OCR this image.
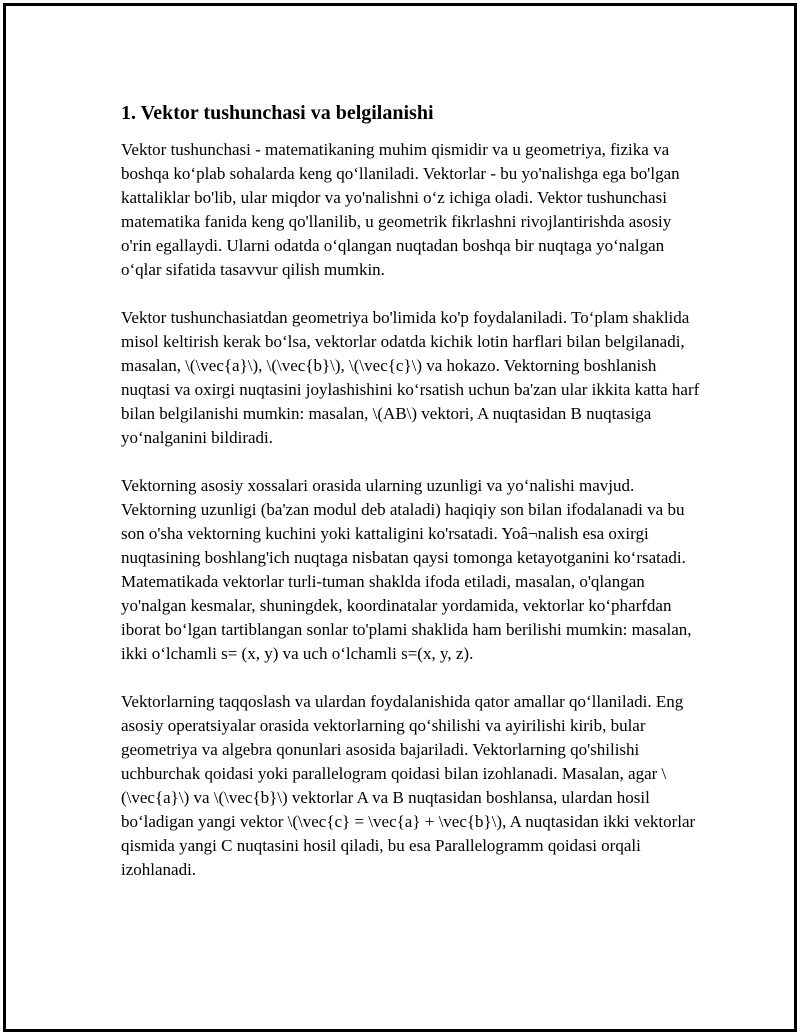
1. Vektor tushunchasi va belgilanishi

Vektor tushunchasi - matematikaning muhim qismidir va u geometriya, fizika va boshqa ko‘plab sohalarda keng qo‘llaniladi. Vektorlar - bu yo'nalishga ega bo'lgan kattaliklar bo'lib, ular miqdor va yo'nalishni o‘z ichiga oladi. Vektor tushunchasi matematika fanida keng qo'llanilib, u geometrik fikrlashni rivojlantirishda asosiy o'rin egallaydi. Ularni odatda o‘qlangan nuqtadan boshqa bir nuqtaga yo‘nalgan o‘qlar sifatida tasavvur qilish mumkin.

Vektor tushunchasiatdan geometriya bo'limida ko'p foydalaniladi. To‘plam shaklida misol keltirish kerak bo‘lsa, vektorlar odatda kichik lotin harflari bilan belgilanadi, masalan, \(\vec{a}\), \(\vec{b}\), \(\vec{c}\) va hokazo. Vektorning boshlanish nuqtasi va oxirgi nuqtasini joylashishini ko‘rsatish uchun ba'zan ular ikkita katta harf bilan belgilanishi mumkin: masalan, \(AB\) vektori, A nuqtasidan B nuqtasiga yo‘nalganini bildiradi.

Vektorning asosiy xossalari orasida ularning uzunligi va yo‘nalishi mavjud. Vektorning uzunligi (ba'zan modul deb ataladi) haqiqiy son bilan ifodalanadi va bu son o'sha vektorning kuchini yoki kattaligini ko'rsatadi. Yoâ¬nalish esa oxirgi nuqtasining boshlang'ich nuqtaga nisbatan qaysi tomonga ketayotganini ko‘rsatadi. Matematikada vektorlar turli-tuman shaklda ifoda etiladi, masalan, o'qlangan yo'nalgan kesmalar, shuningdek, koordinatalar yordamida, vektorlar ko‘pharfdan iborat bo‘lgan tartiblangan sonlar to'plami shaklida ham berilishi mumkin: masalan, ikki o‘lchamli s= (x, y) va uch o‘lchamli s=(x, y, z).

Vektorlarning taqqoslash va ulardan foydalanishida qator amallar qo‘llaniladi. Eng asosiy operatsiyalar orasida vektorlarning qo‘shilishi va ayirilishi kirib, bular geometriya va algebra qonunlari asosida bajariladi. Vektorlarning qo'shilishi uchburchak qoidasi yoki parallelogram qoidasi bilan izohlanadi. Masalan, agar \(\vec{a}\) va \(\vec{b}\) vektorlar A va B nuqtasidan boshlansa, ulardan hosil bo‘ladigan yangi vektor \(\vec{c} = \vec{a} + \vec{b}\), A nuqtasidan ikki vektorlar qismida yangi C nuqtasini hosil qiladi, bu esa Parallelogramm qoidasi orqali izohlanadi.
